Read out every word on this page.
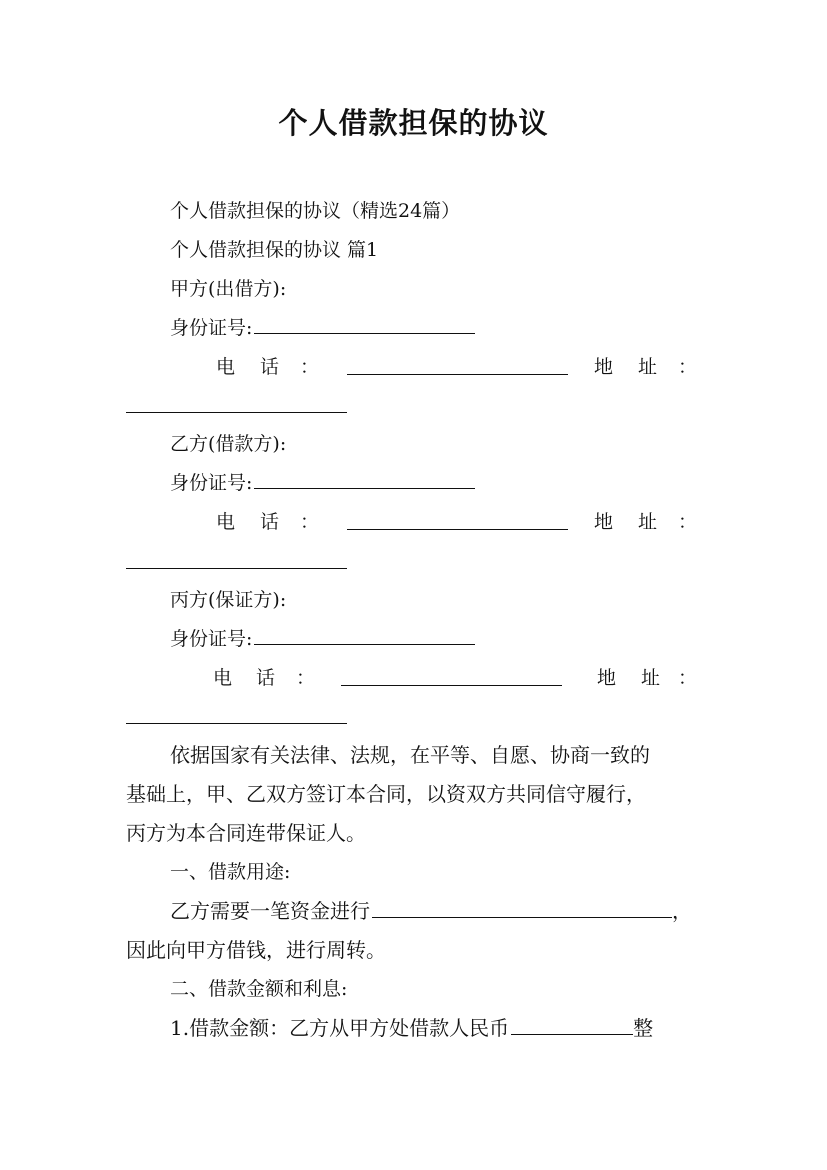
个人借款担保的协议
个人借款担保的协议（精选24篇）
个人借款担保的协议 篇1
甲方(出借方):
身份证号:
电 话 ：	地 址 ：
乙方(借款方):
身份证号:
电 话 ：	地 址 ：
丙方(保证方):
身份证号:
电 话 ：	地 址 ：
依据国家有关法律、法规，在平等、自愿、协商一致的
基础上，甲、乙双方签订本合同，以资双方共同信守履行，
丙方为本合同连带保证人。
一、借款用途:
乙方需要一笔资金进行	，
因此向甲方借钱，进行周转。
二、借款金额和利息:
1.借款金额：乙方从甲方处借款人民币	整
